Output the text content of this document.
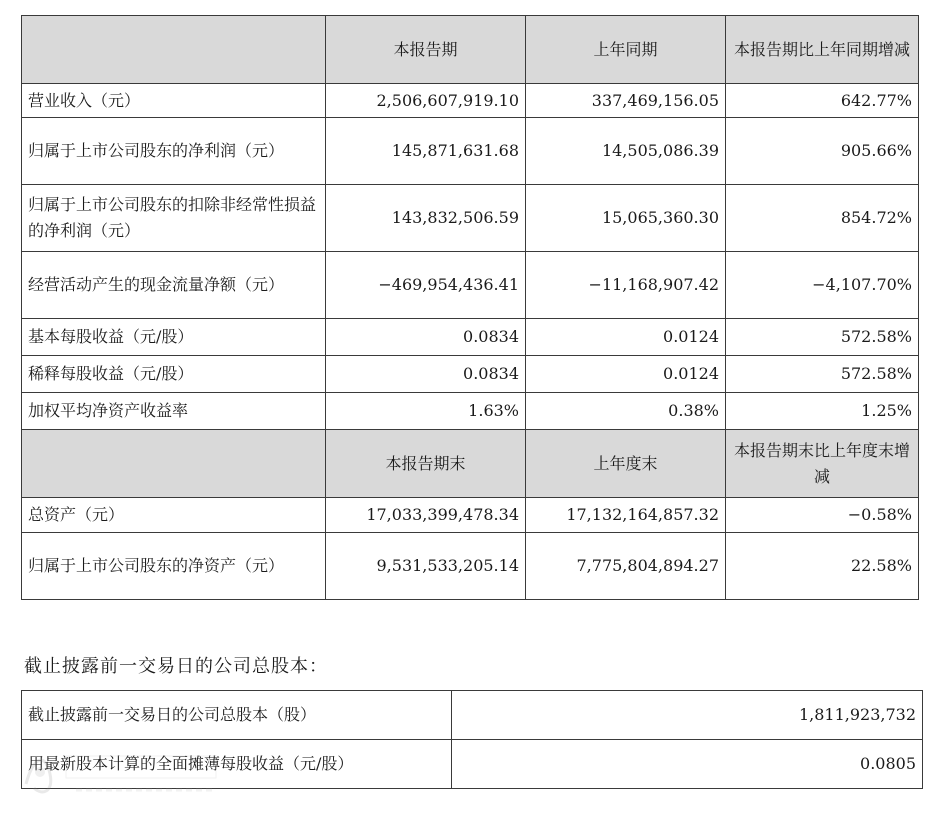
	本报告期	上年同期	本报告期比上年同期增减
营业收入（元）	2,506,607,919.10	337,469,156.05	642.77%
归属于上市公司股东的净利润（元）	145,871,631.68	14,505,086.39	905.66%
归属于上市公司股东的扣除非经常性损益的净利润（元）	143,832,506.59	15,065,360.30	854.72%
经营活动产生的现金流量净额（元）	−469,954,436.41	−11,168,907.42	−4,107.70%
基本每股收益（元/股）	0.0834	0.0124	572.58%
稀释每股收益（元/股）	0.0834	0.0124	572.58%
加权平均净资产收益率	1.63%	0.38%	1.25%
	本报告期末	上年度末	本报告期末比上年度末增减
总资产（元）	17,033,399,478.34	17,132,164,857.32	−0.58%
归属于上市公司股东的净资产（元）	9,531,533,205.14	7,775,804,894.27	22.58%
截止披露前一交易日的公司总股本：
截止披露前一交易日的公司总股本（股）	1,811,923,732
用最新股本计算的全面摊薄每股收益（元/股）	0.0805
